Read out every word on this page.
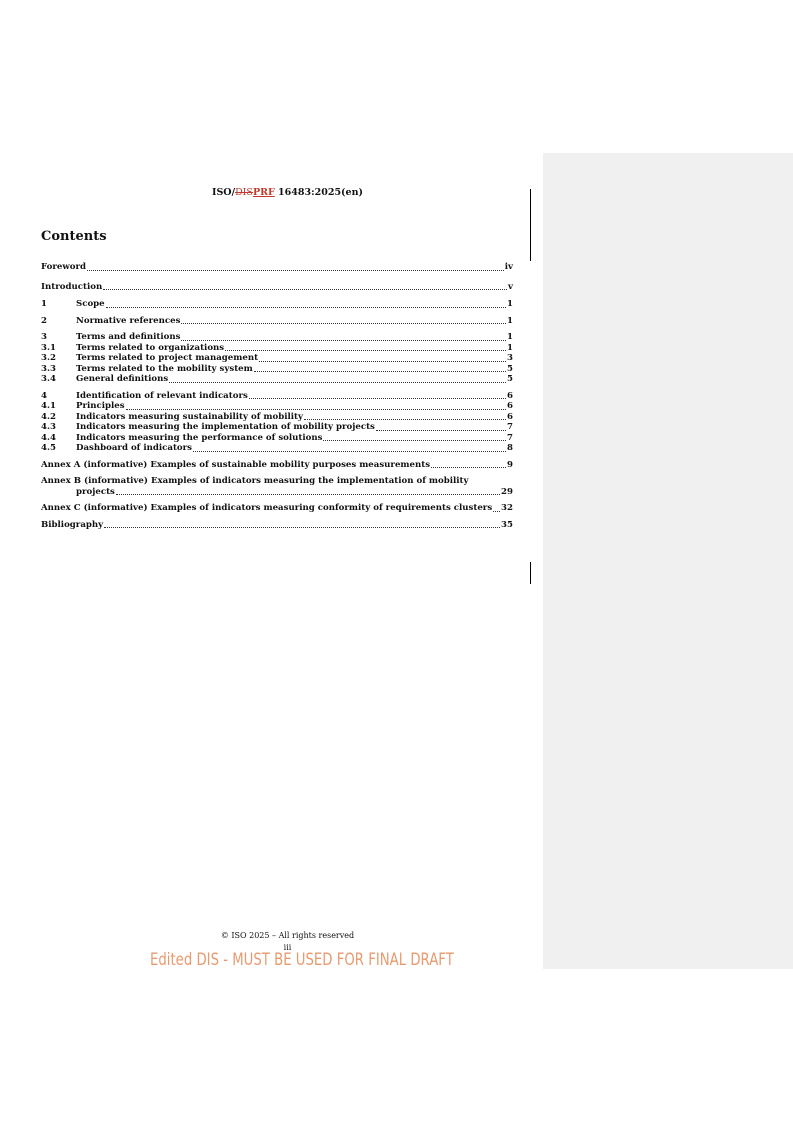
ISO/DISPRF 16483:2025(en)
Contents
Foreword	iv
Introduction	v
1	Scope	1
2	Normative references	1
3	Terms and definitions	1
3.1	Terms related to organizations	1
3.2	Terms related to project management	3
3.3	Terms related to the mobility system	5
3.4	General definitions	5
4	Identification of relevant indicators	6
4.1	Principles	6
4.2	Indicators measuring sustainability of mobility	6
4.3	Indicators measuring the implementation of mobility projects	7
4.4	Indicators measuring the performance of solutions	7
4.5	Dashboard of indicators	8
Annex A (informative) Examples of sustainable mobility purposes measurements	9
Annex B (informative) Examples of indicators measuring the implementation of mobility
projects	29
Annex C (informative) Examples of indicators measuring conformity of requirements clusters 32
Bibliography	35
© ISO 2025 – All rights reserved
iii
Edited DIS - MUST BE USED FOR FINAL DRAFT
